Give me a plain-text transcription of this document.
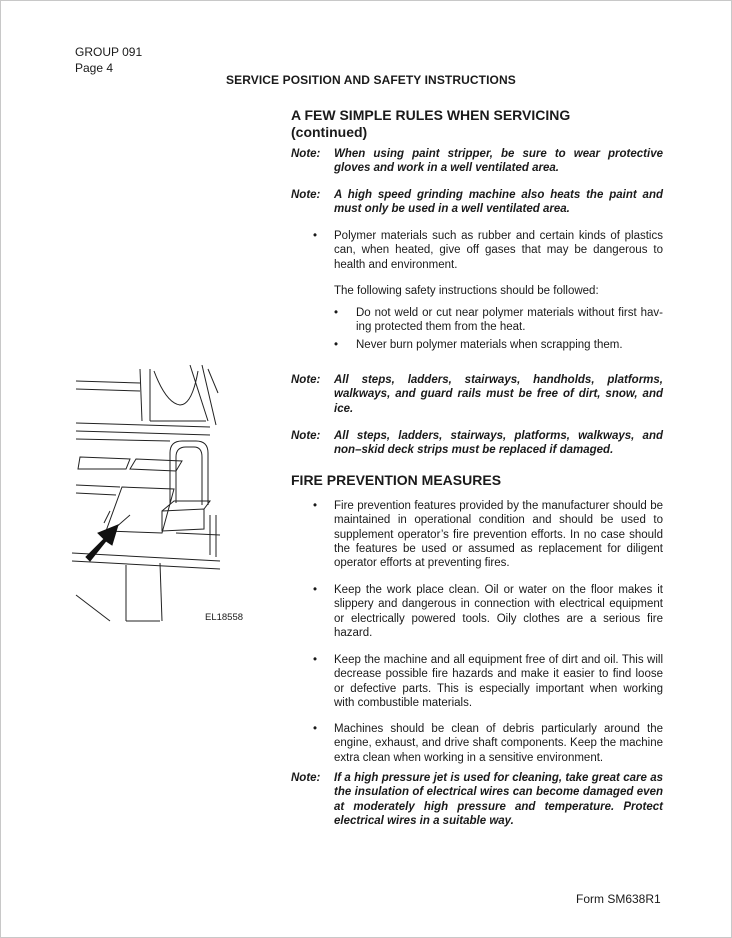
GROUP 091
Page 4
SERVICE POSITION AND SAFETY INSTRUCTIONS
A FEW SIMPLE RULES WHEN SERVICING
(continued)
Note: When using paint stripper, be sure to wear protective gloves and work in a well ventilated area.
Note: A high speed grinding machine also heats the paint and must only be used in a well ventilated area.
• Polymer materials such as rubber and certain kinds of plastics can, when heated, give off gases that may be dangerous to health and environment.
The following safety instructions should be followed:
• Do not weld or cut near polymer materials without first hav-ing protected them from the heat.
• Never burn polymer materials when scrapping them.
Note: All steps, ladders, stairways, handholds, platforms, walkways, and guard rails must be free of dirt, snow, and ice.
Note: All steps, ladders, stairways, platforms, walkways, and non–skid deck strips must be replaced if damaged.
FIRE PREVENTION MEASURES
• Fire prevention features provided by the manufacturer should be maintained in operational condition and should be used to supplement operator’s fire prevention efforts. In no case should the features be used or assumed as replacement for diligent operator efforts at preventing fires.
• Keep the work place clean. Oil or water on the floor makes it slippery and dangerous in connection with electrical equipment or electrically powered tools. Oily clothes are a serious fire hazard.
• Keep the machine and all equipment free of dirt and oil. This will decrease possible fire hazards and make it easier to find loose or defective parts. This is especially important when working with combustible materials.
• Machines should be clean of debris particularly around the engine, exhaust, and drive shaft components. Keep the machine extra clean when working in a sensitive environment.
Note: If a high pressure jet is used for cleaning, take great care as the insulation of electrical wires can become damaged even at moderately high pressure and temperature. Protect electrical wires in a suitable way.
EL18558
Form SM638R1
